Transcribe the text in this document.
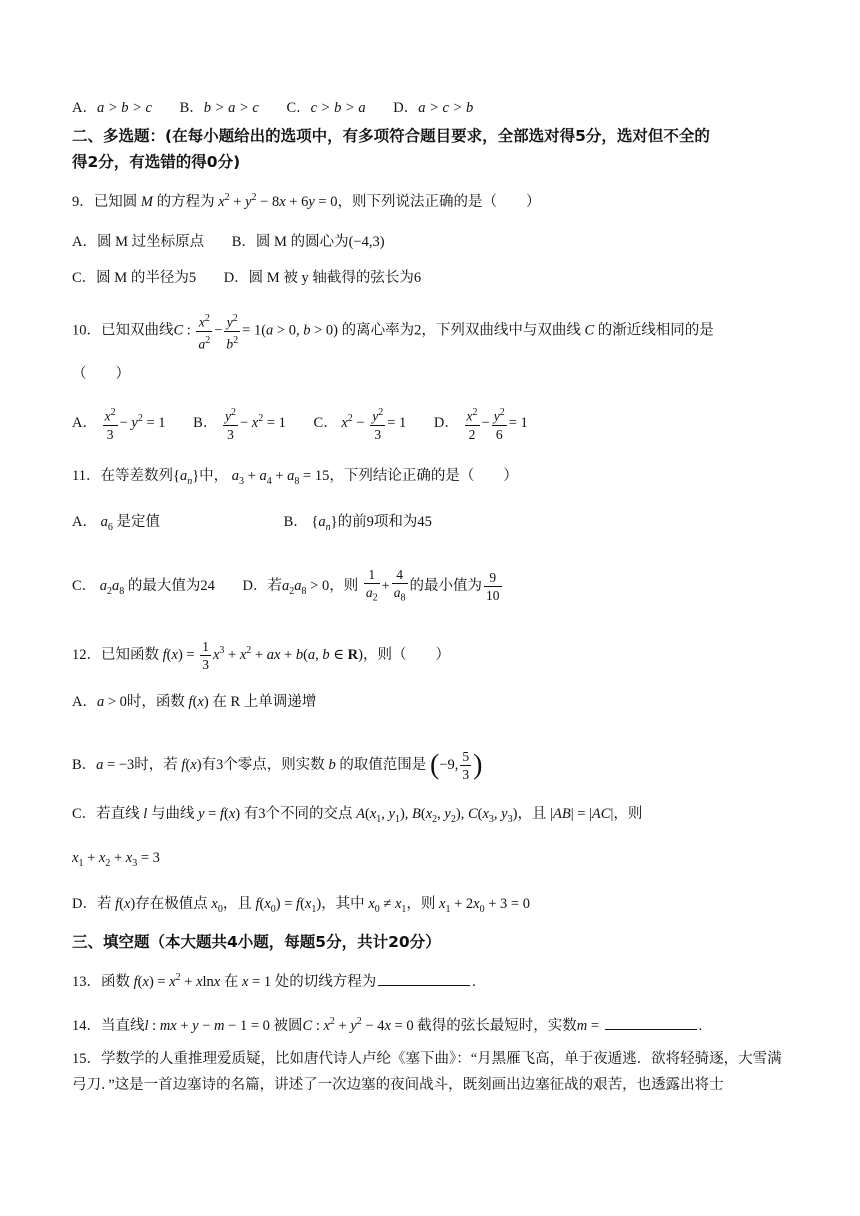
A．a > b > c B．b > a > c C．c > b > a D．a > c > b
二、多选题：(在每小题给出的选项中，有多项符合题目要求，全部选对得5分，选对但不全的
得2分，有选错的得0分)
9．已知圆 M 的方程为 $x^2 + y^2 - 8x + 6y = 0$，则下列说法正确的是（　　）
A．圆 M 过坐标原点 B．圆 M 的圆心为(−4,3)
C．圆 M 的半径为5 D．圆 M 被 y 轴截得的弦长为6
10．已知双曲线C : $\frac{x^2}{a^2} - \frac{y^2}{b^2} = 1(a > 0$, b > 0) 的离心率为2，下列双曲线中与双曲线 C 的渐近线相同的是
（　　）
A． $\frac{x^2}{3} - y^2 = 1$ B． $\frac{y^2}{3} - x^2 = 1$ C． $x^2 - \frac{y^2}{3} = 1$ D． $\frac{x^2}{2} - \frac{y^2}{6} = 1$
11．在等差数列$\{a_n\}$中， $a_3 + a_4 + a_8 = 15$，下列结论正确的是（　　）
A． $a_6$ 是定值	B． $\{a_n\}$的前9项和为45
C． $a_2a_8$ 的最大值为24 D．若$a_2a_8 > 0$，则 $\frac{1}{a_2} + \frac{4}{a_8}$ 的最小值为 $\frac{9}{10}$
12．已知函数 $f(x) = \frac{1}{3} x^3 + x^2$ + ax + b(a, b ∈ R)，则（　　）
A．a > 0时，函数 f(x) 在 R 上单调递增
B．a = −3时，若 f(x)有3个零点，则实数 b 的取值范围是 (−9, $\frac{5}{3}$ )
C．若直线 l 与曲线 y = f(x) 有3个不同的交点 $A(x_1$, $y_1$), $B(x_2$, $y_2$), $C(x_3$, $y_3$)，且 |AB| = |AC|，则
$x_1 + x_2 + x_3 = 3$
D．若 f(x)存在极值点 $x_0$，且 $f(x_0) = f(x_1)$，其中 $x_0 \ne x_1$，则 $x_1 + 2x_0 + 3 = 0$
三、填空题（本大题共4小题，每题5分，共计20分）
13．函数 $f(x) = x^2 + xlnx$ 在 x = 1 处的切线方程为	.
14．当直线l : mx + y − m − 1 = 0 被圆C : $x^2 + y^2 - 4x = 0$ 截得的弦长最短时，实数m =	.
15．学数学的人重推理爱质疑，比如唐代诗人卢纶《塞下曲》：“月黑雁飞高，单于夜遁逃．欲将轻骑逐，大雪满弓刀．”这是一首边塞诗的名篇，讲述了一次边塞的夜间战斗，既刻画出边塞征战的艰苦，也透露出将士
